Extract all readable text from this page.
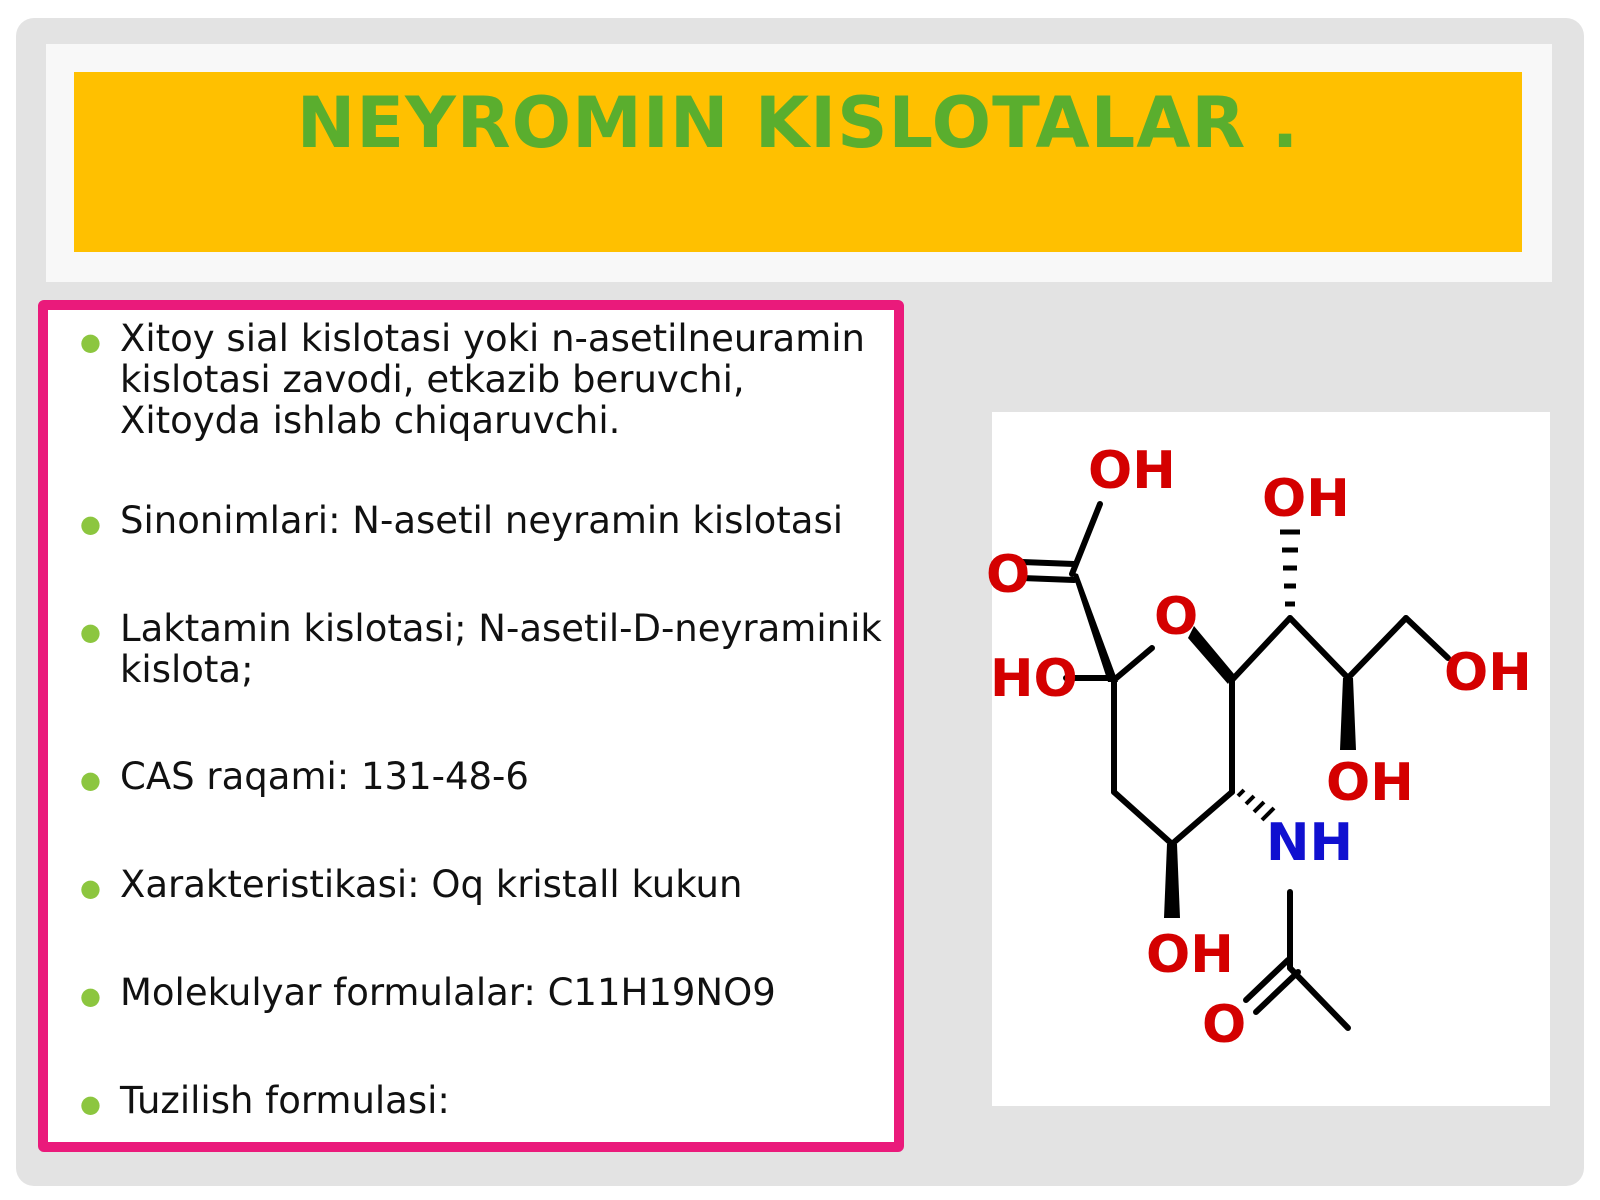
NEYROMIN KISLOTALAR .
● Xitoy sial kislotasi yoki n-asetilneuramin kislotasi zavodi, etkazib beruvchi, Xitoyda ishlab chiqaruvchi.
● Sinonimlari: N-asetil neyramin kislotasi
● Laktamin kislotasi; N-asetil-D-neyraminik kislota;
● CAS raqami: 131-48-6
● Xarakteristikasi: Oq kristall kukun
● Molekulyar formulalar: C11H19NO9
● Tuzilish formulasi:
OH
O
O
HO
OH
OH
OH
NH
OH
O
